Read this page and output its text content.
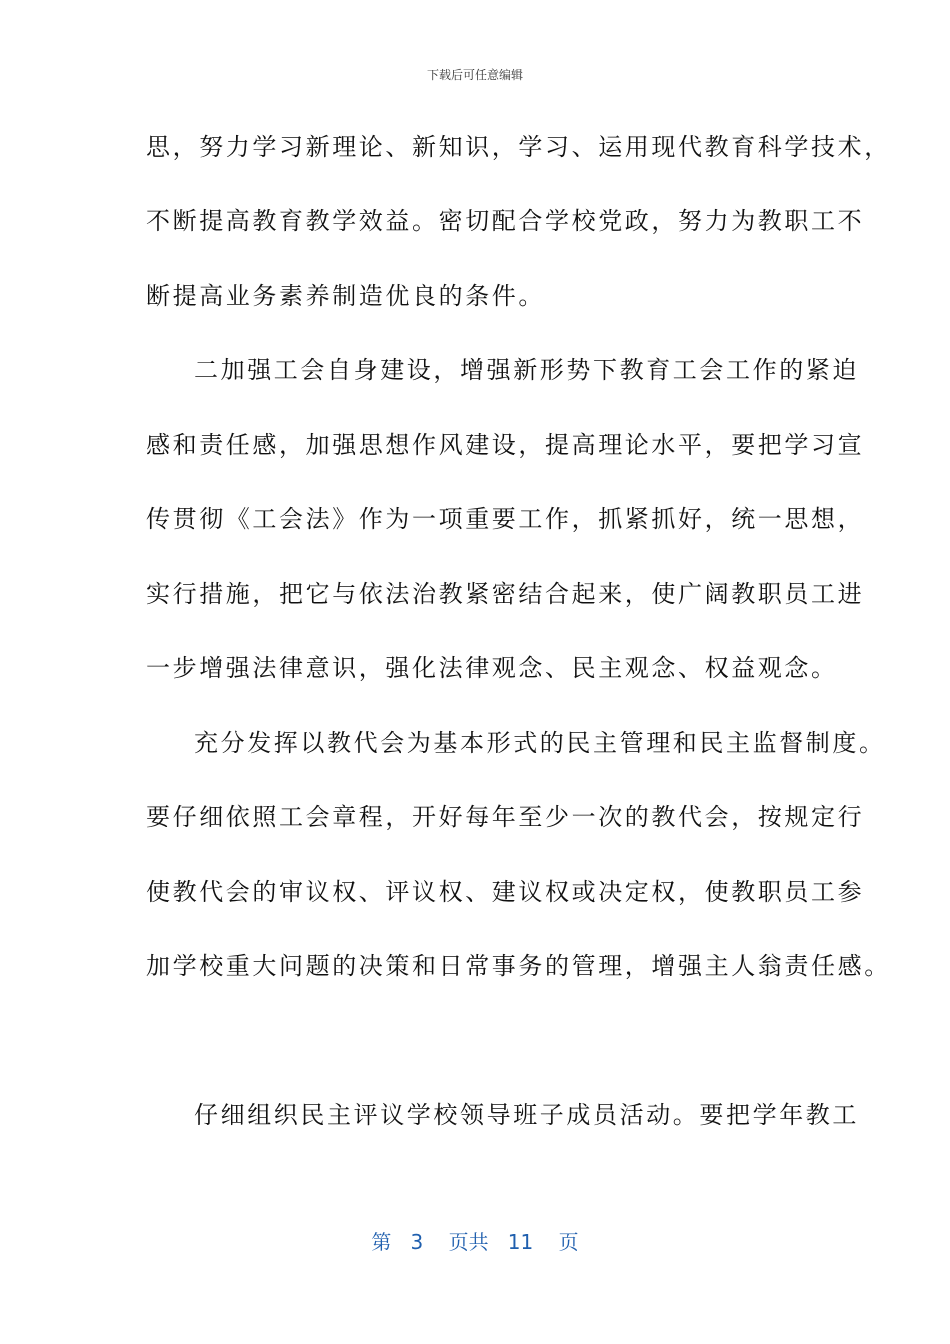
下载后可任意编辑
思，努力学习新理论、新知识，学习、运用现代教育科学技术，
不断提高教育教学效益。密切配合学校党政，努力为教职工不
断提高业务素养制造优良的条件。
二加强工会自身建设，增强新形势下教育工会工作的紧迫
感和责任感，加强思想作风建设，提高理论水平，要把学习宣
传贯彻《工会法》作为一项重要工作，抓紧抓好，统一思想，
实行措施，把它与依法治教紧密结合起来，使广阔教职员工进
一步增强法律意识，强化法律观念、民主观念、权益观念。
充分发挥以教代会为基本形式的民主管理和民主监督制度。
要仔细依照工会章程，开好每年至少一次的教代会，按规定行
使教代会的审议权、评议权、建议权或决定权，使教职员工参
加学校重大问题的决策和日常事务的管理，增强主人翁责任感。
仔细组织民主评议学校领导班子成员活动。要把学年教工
第 3 页共 11 页
